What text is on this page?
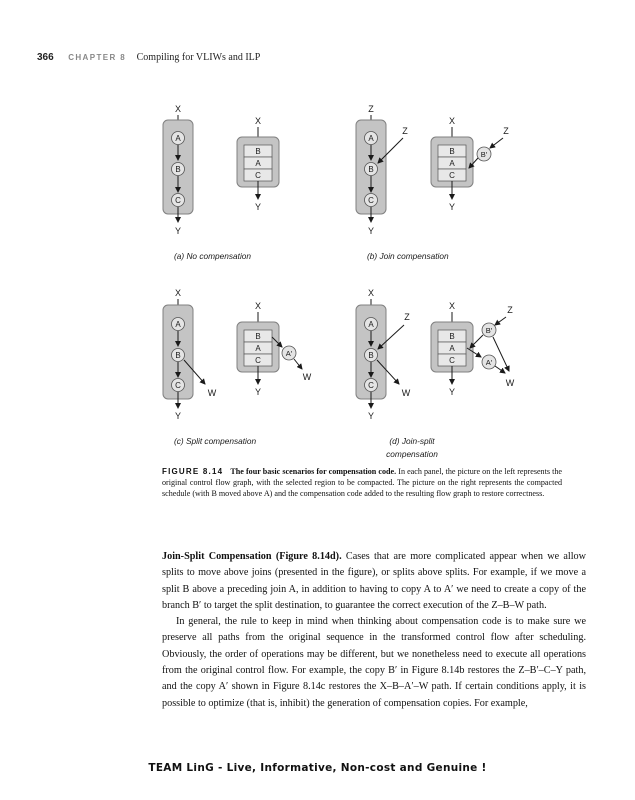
366 CHAPTER 8 Compiling for VLIWs and ILP
X
A
B
C
Y
X
B
A
C
Y
(a) No compensation
Z
A
B
C
Y
Z
X
B
A
C
Y
Z
B′
(b) Join compensation
X
A
B
C
Y
W
X
B
A
C
Y
A′
W
(c) Split compensation
X
A
B
C
Y
Z
W
X
B
A
C
Y
Z
B′
A′
W
(d) Join-split
compensation
FIGURE 8.14 The four basic scenarios for compensation code. In each panel, the picture on the left represents the original control flow graph, with the selected region to be compacted. The picture on the right represents the compacted schedule (with B moved above A) and the compensation code added to the resulting flow graph to restore correctness.

Join-Split Compensation (Figure 8.14d). Cases that are more complicated appear when we allow splits to move above joins (presented in the figure), or splits above splits. For example, if we move a split B above a preceding join A, in addition to having to copy A to A′ we need to create a copy of the branch B′ to target the split destination, to guarantee the correct execution of the Z–B–W path.

In general, the rule to keep in mind when thinking about compensation code is to make sure we preserve all paths from the original sequence in the transformed control flow after scheduling. Obviously, the order of operations may be different, but we nonetheless need to execute all operations from the original control flow. For example, the copy B′ in Figure 8.14b restores the Z–B′–C–Y path, and the copy A′ shown in Figure 8.14c restores the X–B–A′–W path. If certain conditions apply, it is possible to optimize (that is, inhibit) the generation of compensation copies. For example,

TEAM LinG - Live, Informative, Non-cost and Genuine !
